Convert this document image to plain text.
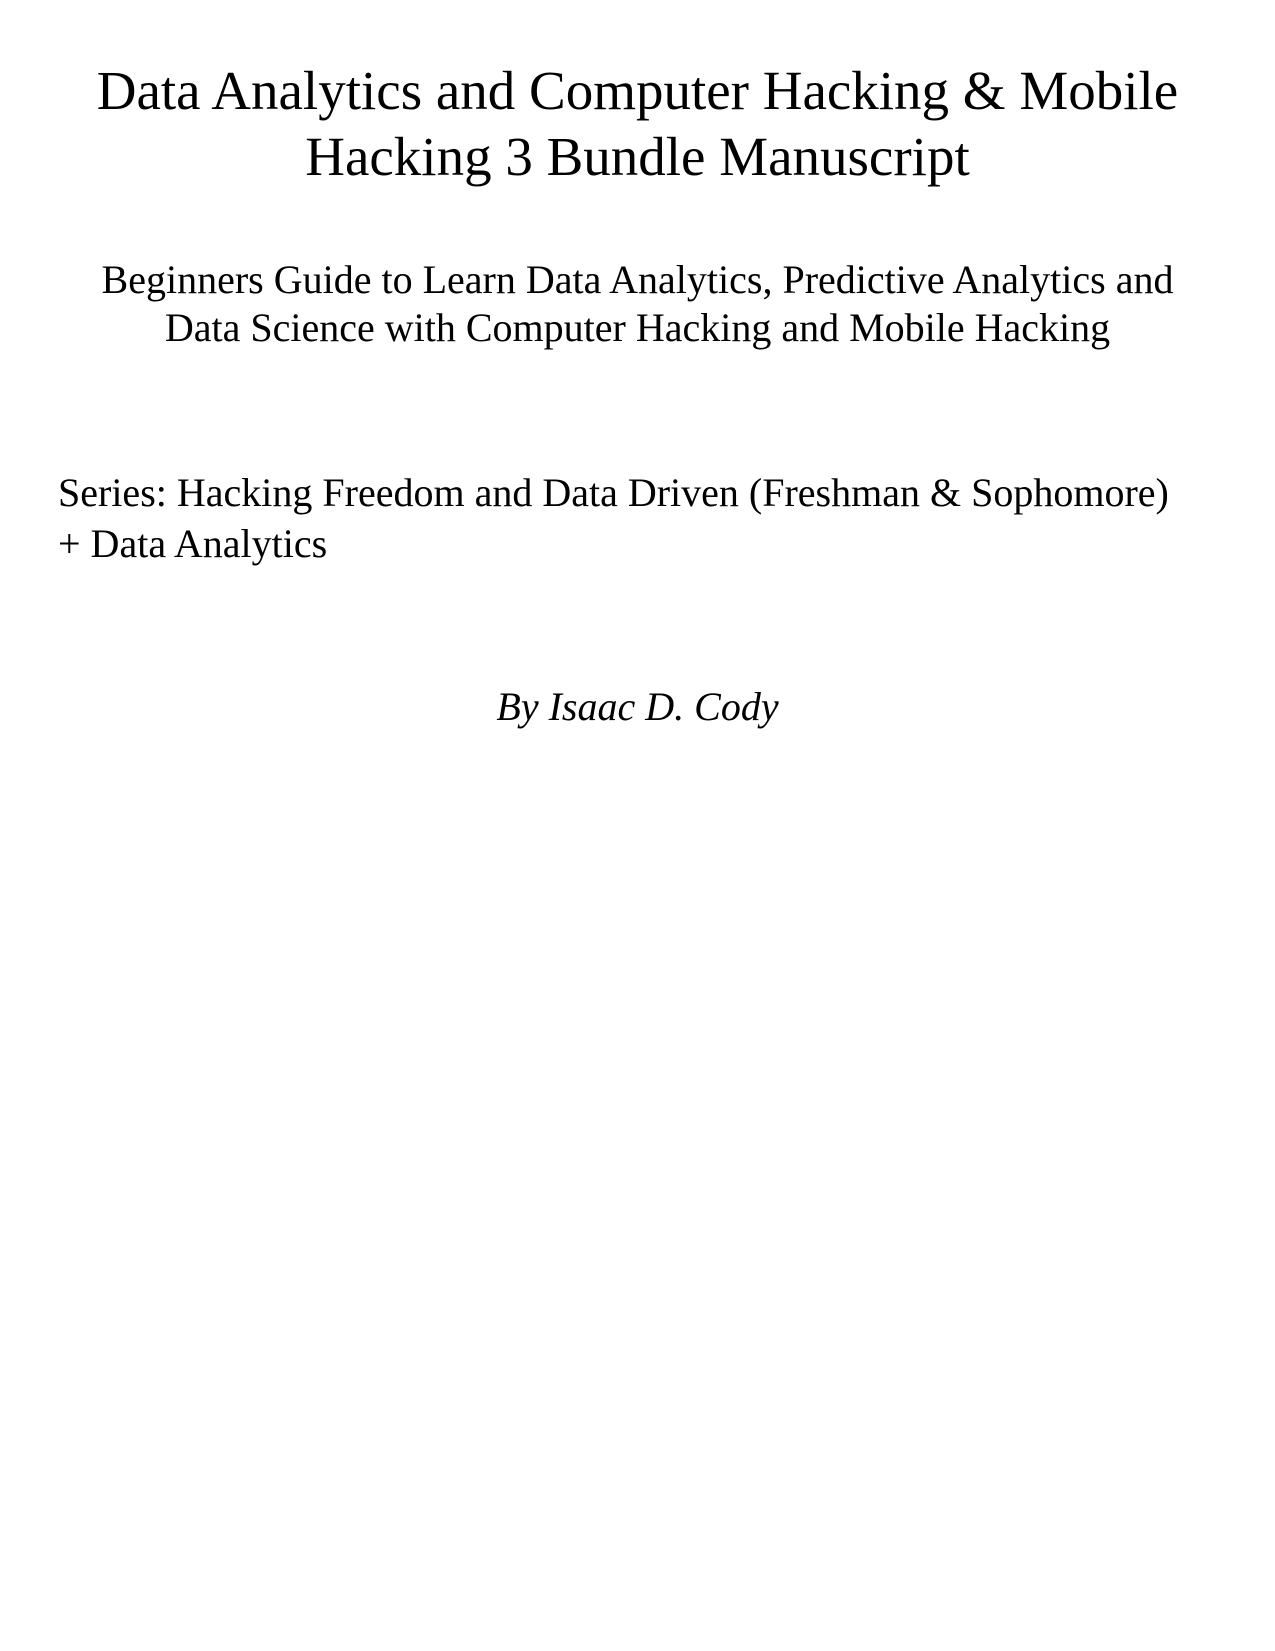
Data Analytics and Computer Hacking & Mobile
Hacking 3 Bundle Manuscript

Beginners Guide to Learn Data Analytics, Predictive Analytics and
Data Science with Computer Hacking and Mobile Hacking

Series: Hacking Freedom and Data Driven (Freshman & Sophomore)
+ Data Analytics

By Isaac D. Cody
